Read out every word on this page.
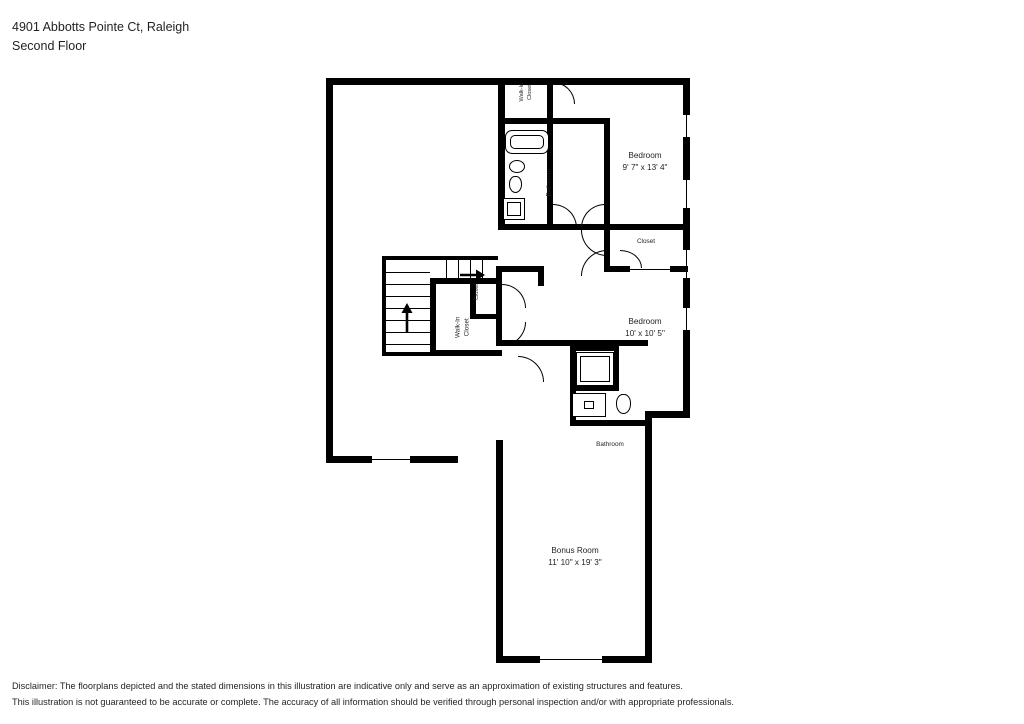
4901 Abbotts Pointe Ct, Raleigh
Second Floor
Walk-In Closet
Bathroom
Bedroom
9' 7" x 13' 4"
Closet
Bedroom
10' x 10' 5"
Closet
Walk-In Closet
Bathroom
Bonus Room
11' 10" x 19' 3"
Disclaimer: The floorplans depicted and the stated dimensions in this illustration are indicative only and serve as an approximation of existing structures and features.
This illustration is not guaranteed to be accurate or complete. The accuracy of all information should be verified through personal inspection and/or with appropriate professionals.
